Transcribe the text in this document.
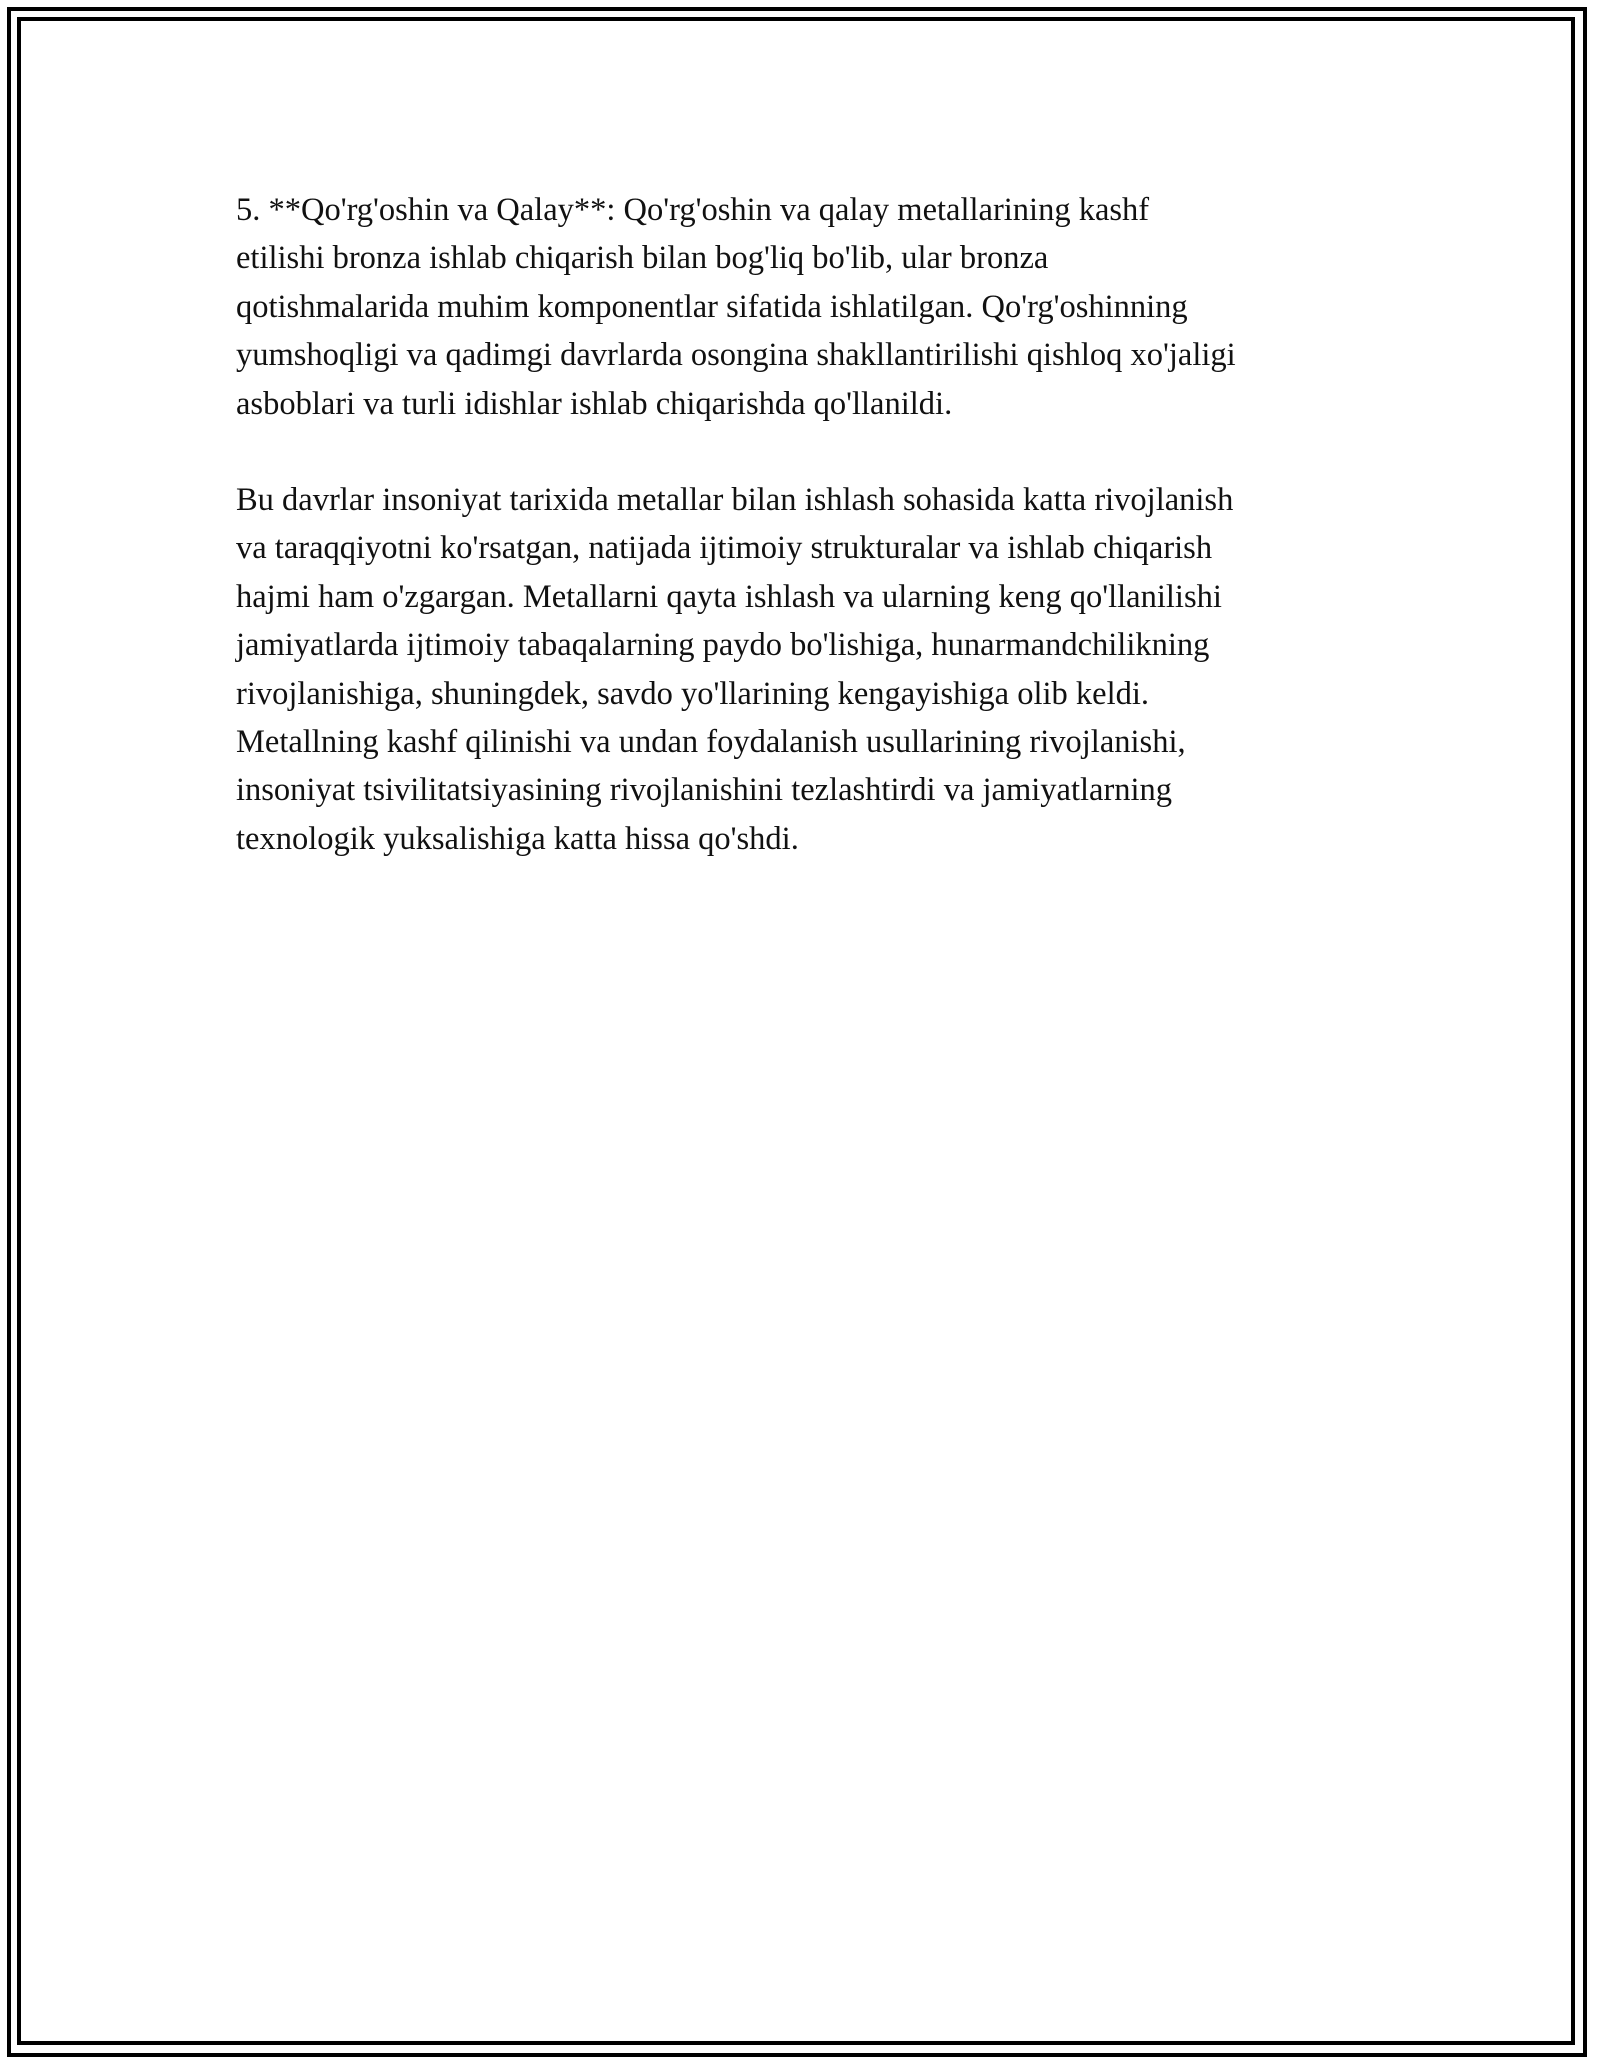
5. **Qo'rg'oshin va Qalay**: Qo'rg'oshin va qalay metallarining kashf
etilishi bronza ishlab chiqarish bilan bog'liq bo'lib, ular bronza
qotishmalarida muhim komponentlar sifatida ishlatilgan. Qo'rg'oshinning
yumshoqligi va qadimgi davrlarda osongina shakllantirilishi qishloq xo'jaligi
asboblari va turli idishlar ishlab chiqarishda qo'llanildi.

Bu davrlar insoniyat tarixida metallar bilan ishlash sohasida katta rivojlanish
va taraqqiyotni ko'rsatgan, natijada ijtimoiy strukturalar va ishlab chiqarish
hajmi ham o'zgargan. Metallarni qayta ishlash va ularning keng qo'llanilishi
jamiyatlarda ijtimoiy tabaqalarning paydo bo'lishiga, hunarmandchilikning
rivojlanishiga, shuningdek, savdo yo'llarining kengayishiga olib keldi.
Metallning kashf qilinishi va undan foydalanish usullarining rivojlanishi,
insoniyat tsivilitatsiyasining rivojlanishini tezlashtirdi va jamiyatlarning
texnologik yuksalishiga katta hissa qo'shdi.
